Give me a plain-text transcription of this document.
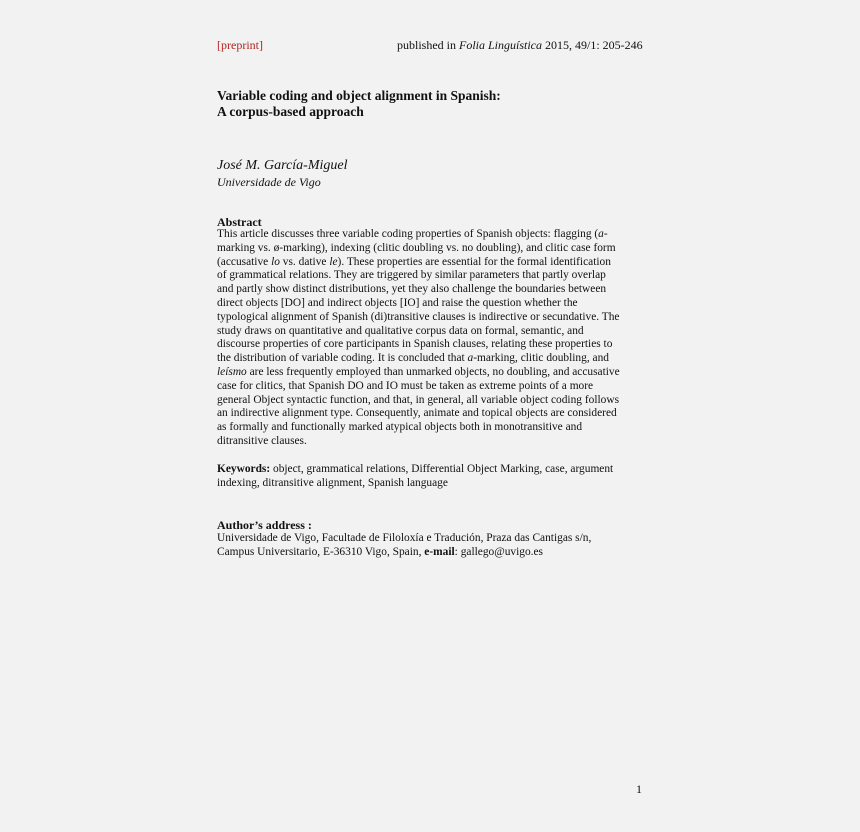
[preprint]	published in Folia Linguística 2015, 49/1: 205-246
Variable coding and object alignment in Spanish:
A corpus-based approach
José M. García-Miguel
Universidade de Vigo
Abstract
This article discusses three variable coding properties of Spanish objects: flagging (a-
marking vs. ø-marking), indexing (clitic doubling vs. no doubling), and clitic case form
(accusative lo vs. dative le). These properties are essential for the formal identification
of grammatical relations. They are triggered by similar parameters that partly overlap
and partly show distinct distributions, yet they also challenge the boundaries between
direct objects [DO] and indirect objects [IO] and raise the question whether the
typological alignment of Spanish (di)transitive clauses is indirective or secundative. The
study draws on quantitative and qualitative corpus data on formal, semantic, and
discourse properties of core participants in Spanish clauses, relating these properties to
the distribution of variable coding. It is concluded that a-marking, clitic doubling, and
leísmo are less frequently employed than unmarked objects, no doubling, and accusative
case for clitics, that Spanish DO and IO must be taken as extreme points of a more
general Object syntactic function, and that, in general, all variable object coding follows
an indirective alignment type. Consequently, animate and topical objects are considered
as formally and functionally marked atypical objects both in monotransitive and
ditransitive clauses.
Keywords: object, grammatical relations, Differential Object Marking, case, argument
indexing, ditransitive alignment, Spanish language
Author’s address :
Universidade de Vigo, Facultade de Filoloxía e Tradución, Praza das Cantigas s/n,
Campus Universitario, E-36310 Vigo, Spain, e-mail: gallego@uvigo.es
1
